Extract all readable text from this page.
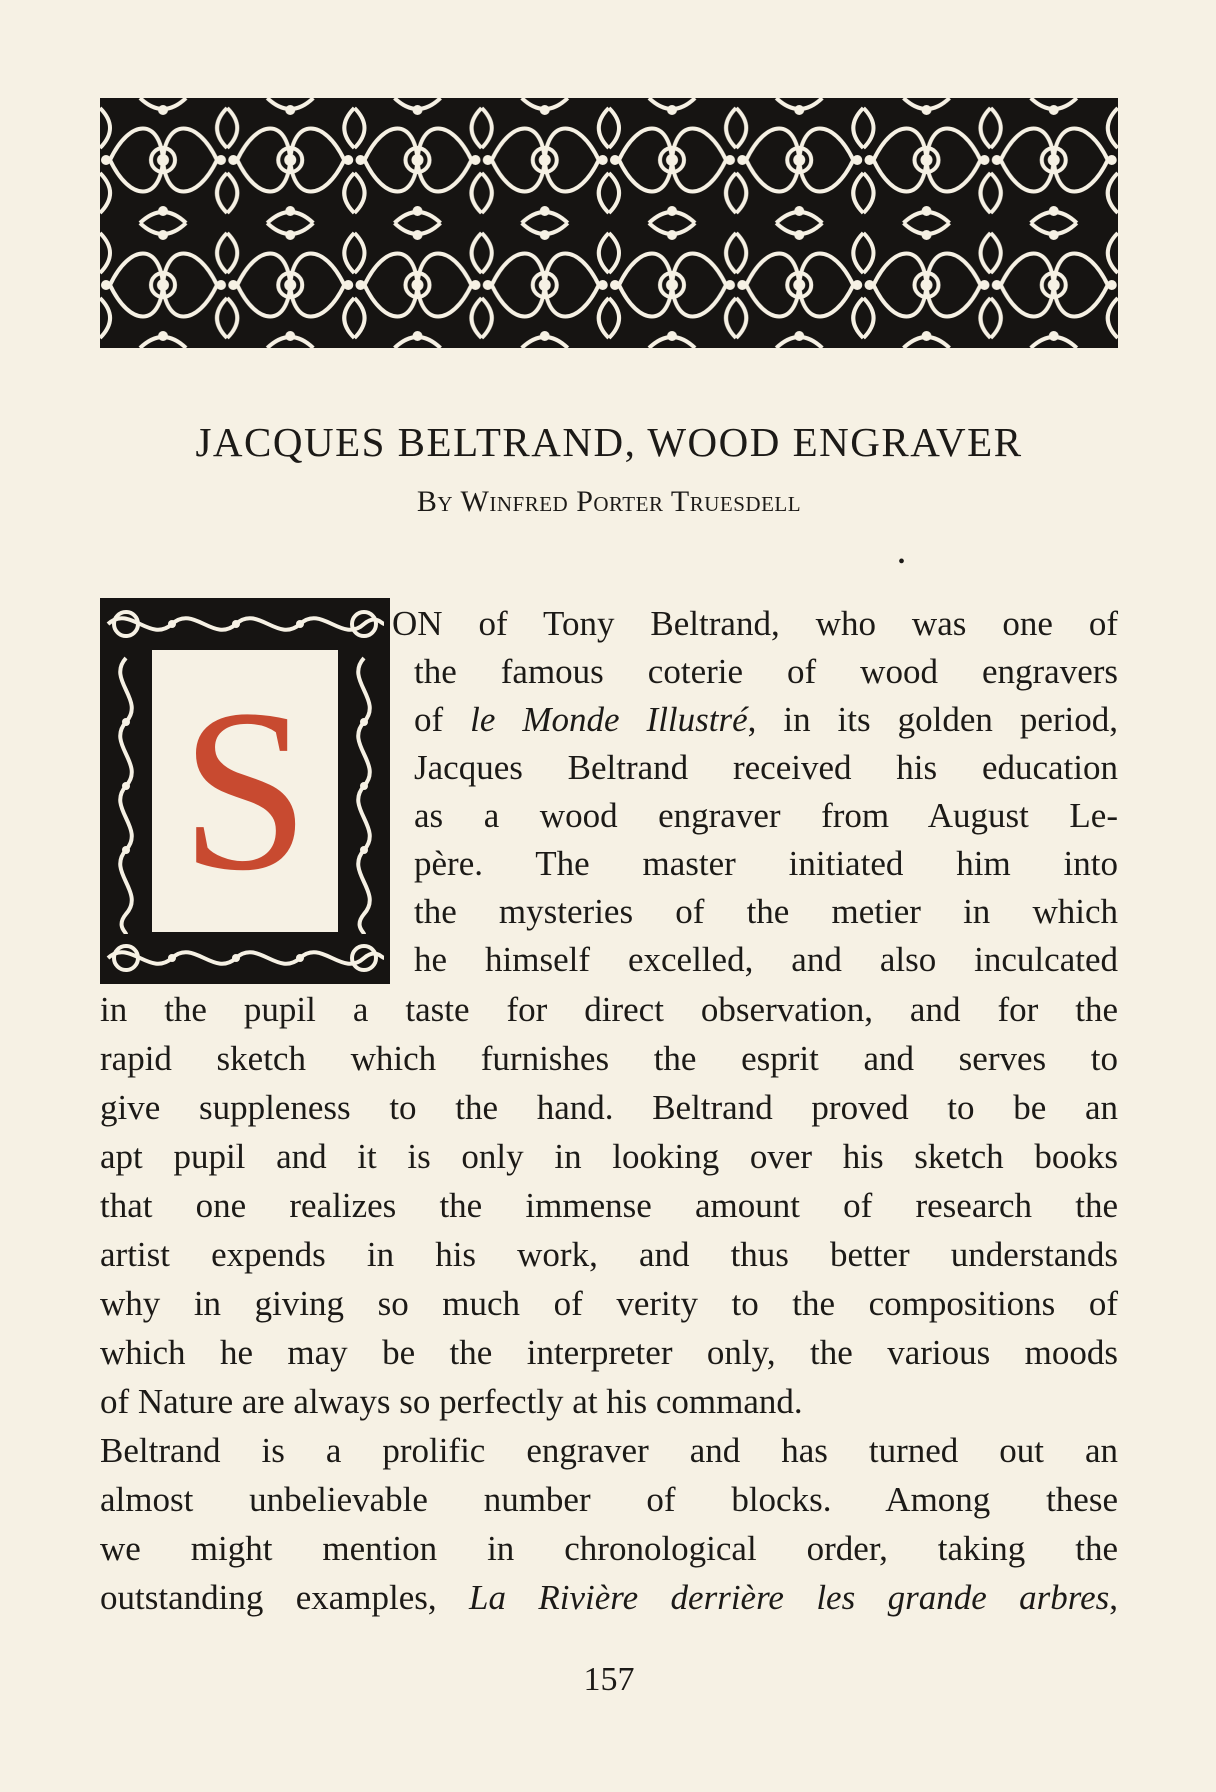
JACQUES BELTRAND, WOOD ENGRAVER
By Winfred Porter Truesdell
•
S
ON of Tony Beltrand, who was one of
the famous coterie of wood engravers
of le Monde Illustré, in its golden period,
Jacques Beltrand received his education
as a wood engraver from August Le-
père. The master initiated him into
the mysteries of the metier in which
he himself excelled, and also inculcated
in the pupil a taste for direct observation, and for the
rapid sketch which furnishes the esprit and serves to
give suppleness to the hand. Beltrand proved to be an
apt pupil and it is only in looking over his sketch books
that one realizes the immense amount of research the
artist expends in his work, and thus better understands
why in giving so much of verity to the compositions of
which he may be the interpreter only, the various moods
of Nature are always so perfectly at his command.
Beltrand is a prolific engraver and has turned out an
almost unbelievable number of blocks. Among these
we might mention in chronological order, taking the
outstanding examples, La Rivière derrière les grande arbres,
157
